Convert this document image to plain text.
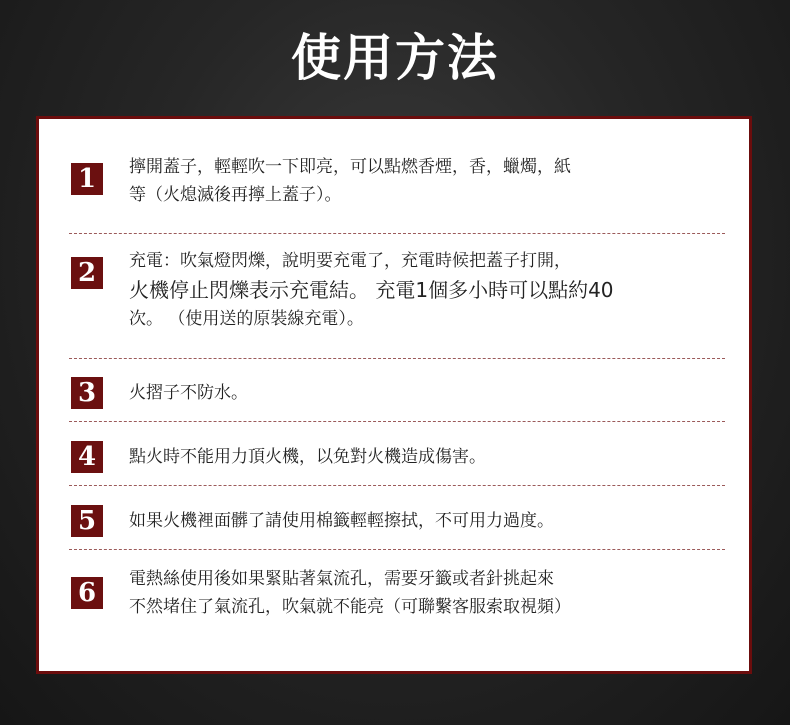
使用方法
1	擰開蓋子，輕輕吹一下即亮，可以點燃香煙，香，蠟燭，紙
等（火熄滅後再擰上蓋子）。
2	充電：吹氣燈閃爍，說明要充電了，充電時候把蓋子打開，
火機停止閃爍表示充電結。 充電1個多小時可以點約40
次。 （使用送的原裝線充電）。
3	火摺子不防水。
4	點火時不能用力頂火機，以免對火機造成傷害。
5	如果火機裡面髒了請使用棉籤輕輕擦拭，不可用力過度。
6	電熱絲使用後如果緊貼著氣流孔，需要牙籤或者針挑起來
不然堵住了氣流孔，吹氣就不能亮（可聯繫客服索取視頻）
